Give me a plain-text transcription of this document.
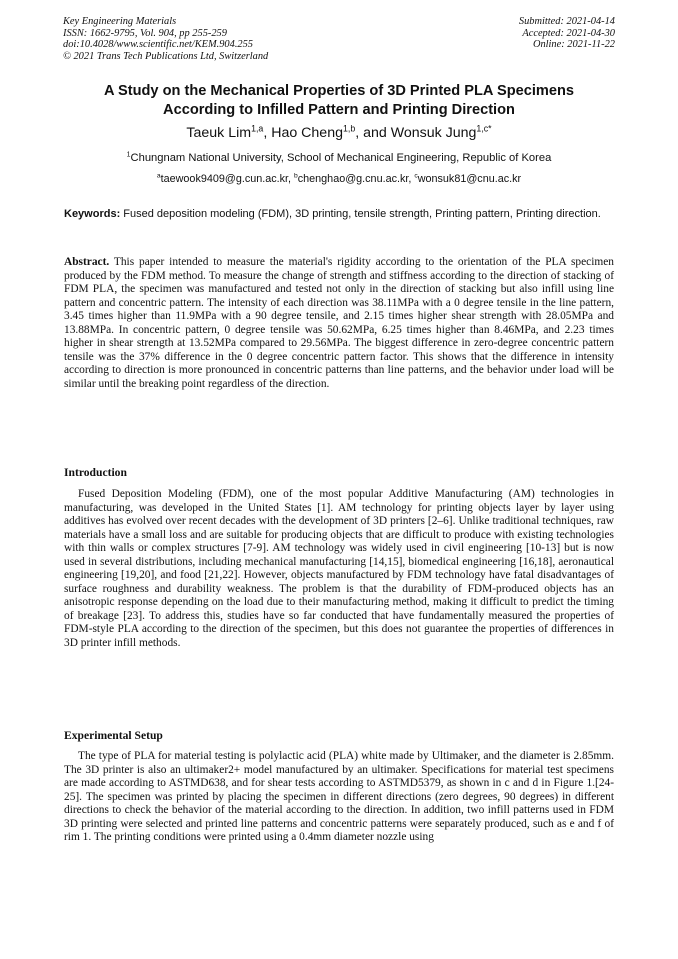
Key Engineering Materials
ISSN: 1662-9795, Vol. 904, pp 255-259
doi:10.4028/www.scientific.net/KEM.904.255
© 2021 Trans Tech Publications Ltd, Switzerland
Submitted: 2021-04-14
Accepted: 2021-04-30
Online: 2021-11-22
A Study on the Mechanical Properties of 3D Printed PLA Specimens
According to Infilled Pattern and Printing Direction
Taeuk Lim$^{1,a}$, Hao Cheng$^{1,b}$, and Wonsuk Jung$^{1,c*}$
$^1$Chungnam National University, School of Mechanical Engineering, Republic of Korea
$^a$taewook9409@g.cun.ac.kr, $^b$chenghao@g.cnu.ac.kr, $^c$wonsuk81@cnu.ac.kr
Keywords: Fused deposition modeling (FDM), 3D printing, tensile strength, Printing pattern, Printing direction.

Abstract. This paper intended to measure the material's rigidity according to the orientation of the PLA specimen produced by the FDM method. To measure the change of strength and stiffness according to the direction of stacking of FDM PLA, the specimen was manufactured and tested not only in the direction of stacking but also infill using line pattern and concentric pattern. The intensity of each direction was 38.11MPa with a 0 degree tensile in the line pattern, 3.45 times higher than 11.9MPa with a 90 degree tensile, and 2.15 times higher shear strength with 28.05MPa and 13.88MPa. In concentric pattern, 0 degree tensile was 50.62MPa, 6.25 times higher than 8.46MPa, and 2.23 times higher in shear strength at 13.52MPa compared to 29.56MPa. The biggest difference in zero-degree concentric pattern tensile was the 37% difference in the 0 degree concentric pattern factor. This shows that the difference in intensity according to direction is more pronounced in concentric patterns than line patterns, and the behavior under load will be similar until the breaking point regardless of the direction.

Introduction

Fused Deposition Modeling (FDM), one of the most popular Additive Manufacturing (AM) technologies in manufacturing, was developed in the United States [1]. AM technology for printing objects layer by layer using additives has evolved over recent decades with the development of 3D printers [2–6]. Unlike traditional techniques, raw materials have a small loss and are suitable for producing objects that are difficult to produce with existing technologies with thin walls or complex structures [7-9]. AM technology was widely used in civil engineering [10-13] but is now used in several distributions, including mechanical manufacturing [14,15], biomedical engineering [16,18], aeronautical engineering [19,20], and food [21,22]. However, objects manufactured by FDM technology have fatal disadvantages of surface roughness and durability weakness. The problem is that the durability of FDM-produced objects has an anisotropic response depending on the load due to their manufacturing method, making it difficult to predict the timing of breakage [23]. To address this, studies have so far conducted that have fundamentally measured the properties of FDM-style PLA according to the direction of the specimen, but this does not guarantee the properties of differences in 3D printer infill methods.

Experimental Setup

The type of PLA for material testing is polylactic acid (PLA) white made by Ultimaker, and the diameter is 2.85mm. The 3D printer is also an ultimaker2+ model manufactured by an ultimaker. Specifications for material test specimens are made according to ASTMD638, and for shear tests according to ASTMD5379, as shown in c and d in Figure 1.[24-25]. The specimen was printed by placing the specimen in different directions (zero degrees, 90 degrees) in different directions to check the behavior of the material according to the direction. In addition, two infill patterns used in FDM 3D printing were selected and printed line patterns and concentric patterns were separately produced, such as e and f of rim 1. The printing conditions were printed using a 0.4mm diameter nozzle using
